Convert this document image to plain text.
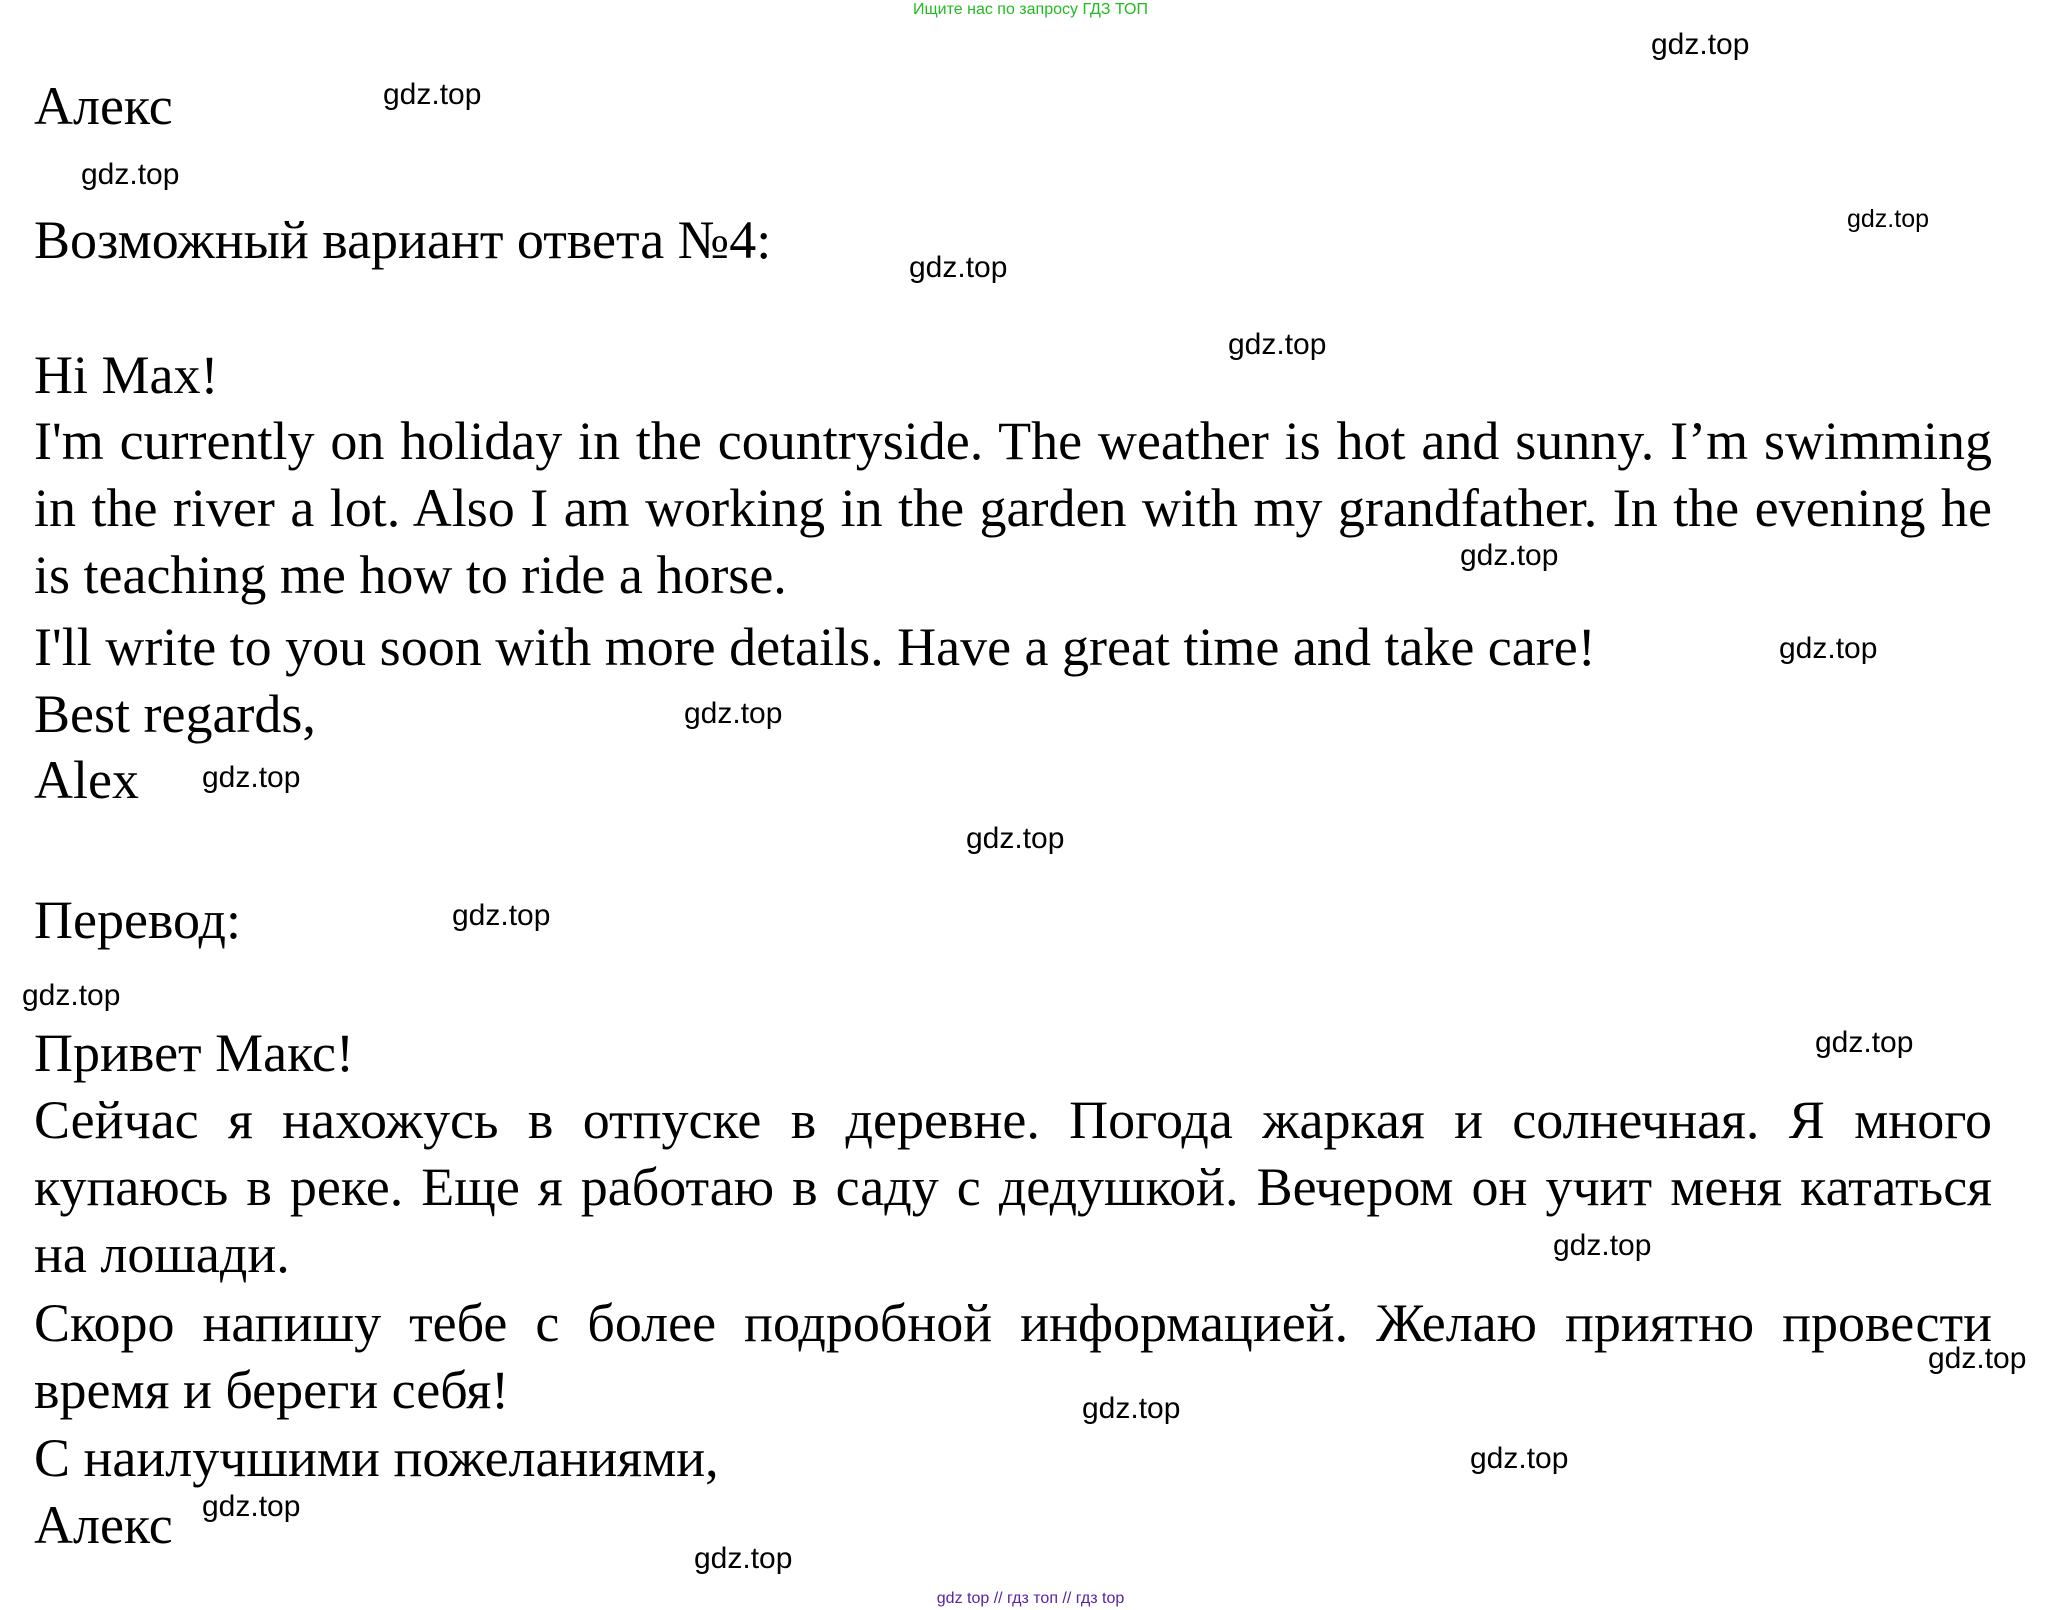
Ищите нас по запросу ГДЗ ТОП
Алекс
Возможный вариант ответа №4:
Hi Max!

I'm currently on holiday in the countryside. The weather is hot and sunny. I’m swimming in the river a lot. Also I am working in the garden with my grandfather. In the evening he is teaching me how to ride a horse.

I'll write to you soon with more details. Have a great time and take care!
Best regards,
Alex
Перевод:
Привет Макс!

Сейчас я нахожусь в отпуске в деревне. Погода жаркая и солнечная. Я много купаюсь в реке. Еще я работаю в саду с дедушкой. Вечером он учит меня кататься на лошади.

Скоро напишу тебе с более подробной информацией. Желаю приятно провести время и береги себя!

С наилучшими пожеланиями,
Алекс
gdz.top
gdz.top
gdz.top
gdz.top
gdz.top
gdz.top
gdz.top
gdz.top
gdz.top
gdz.top
gdz.top
gdz.top
gdz.top
gdz.top
gdz.top
gdz.top
gdz.top
gdz.top
gdz.top
gdz.top
gdz top // гдз топ // гдз top
